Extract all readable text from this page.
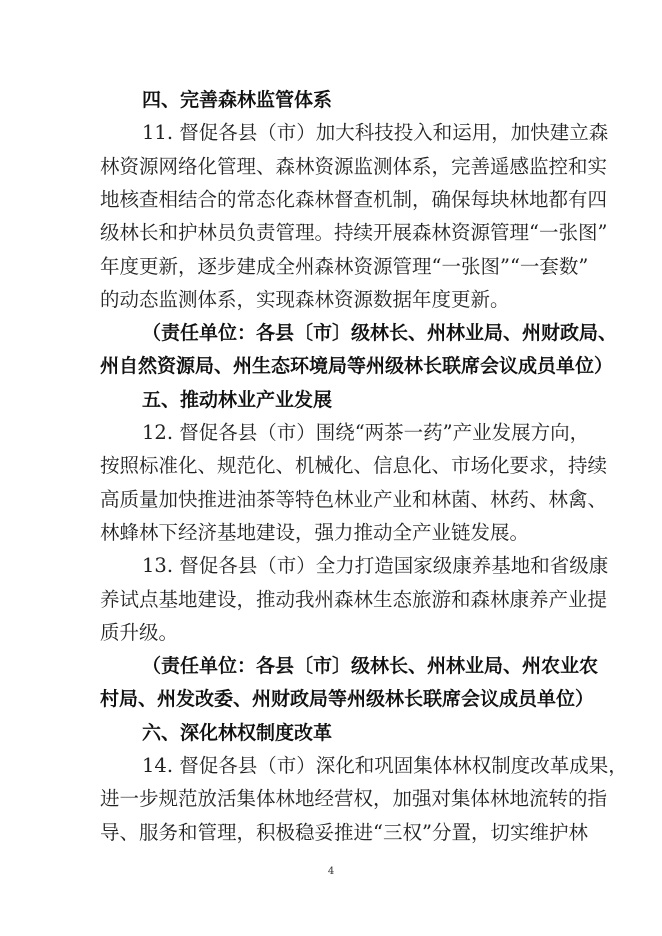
四、完善森林监管体系
11. 督促各县（市）加大科技投入和运用，加快建立森
林资源网络化管理、森林资源监测体系，完善遥感监控和实
地核查相结合的常态化森林督查机制，确保每块林地都有四
级林长和护林员负责管理。持续开展森林资源管理“一张图”
年度更新，逐步建成全州森林资源管理“一张图”“一套数”
的动态监测体系，实现森林资源数据年度更新。
（责任单位：各县〔市〕级林长、州林业局、州财政局、
州自然资源局、州生态环境局等州级林长联席会议成员单位）
五、推动林业产业发展
12. 督促各县（市）围绕“两茶一药”产业发展方向，
按照标准化、规范化、机械化、信息化、市场化要求，持续
高质量加快推进油茶等特色林业产业和林菌、林药、林禽、
林蜂林下经济基地建设，强力推动全产业链发展。
13. 督促各县（市）全力打造国家级康养基地和省级康
养试点基地建设，推动我州森林生态旅游和森林康养产业提
质升级。
（责任单位：各县〔市〕级林长、州林业局、州农业农
村局、州发改委、州财政局等州级林长联席会议成员单位）
六、深化林权制度改革
14. 督促各县（市）深化和巩固集体林权制度改革成果，
进一步规范放活集体林地经营权，加强对集体林地流转的指
导、服务和管理，积极稳妥推进“三权”分置，切实维护林
4
